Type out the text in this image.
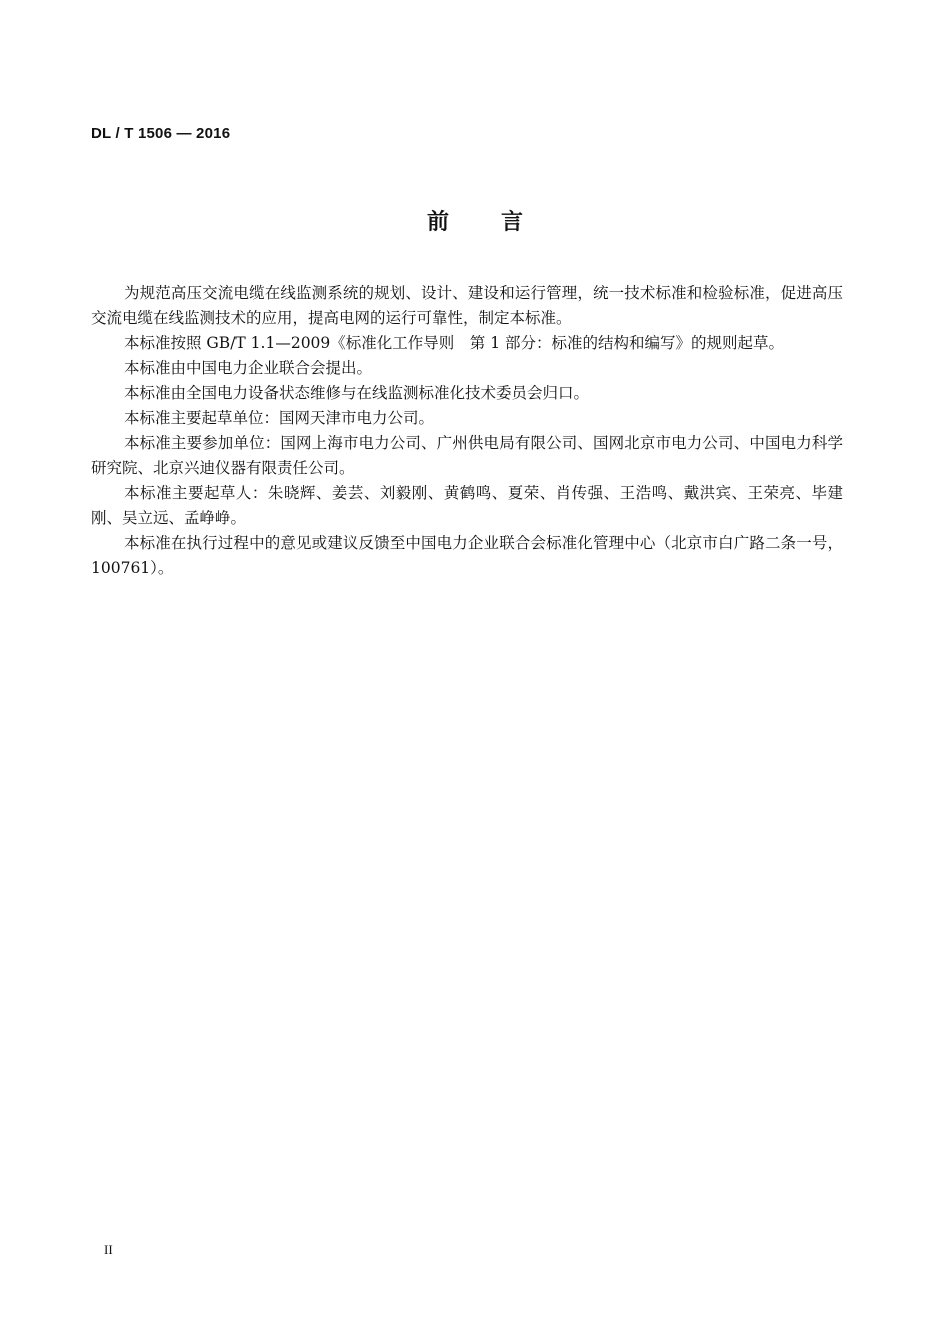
DL / T 1506 — 2016
前 言

为规范高压交流电缆在线监测系统的规划、设计、建设和运行管理，统一技术标准和检验标准，促进高压交流电缆在线监测技术的应用，提高电网的运行可靠性，制定本标准。

本标准按照 GB/T 1.1—2009《标准化工作导则　第 1 部分：标准的结构和编写》的规则起草。

本标准由中国电力企业联合会提出。

本标准由全国电力设备状态维修与在线监测标准化技术委员会归口。

本标准主要起草单位：国网天津市电力公司。

本标准主要参加单位：国网上海市电力公司、广州供电局有限公司、国网北京市电力公司、中国电力科学研究院、北京兴迪仪器有限责任公司。

本标准主要起草人：朱晓辉、姜芸、刘毅刚、黄鹤鸣、夏荣、肖传强、王浩鸣、戴洪宾、王荣亮、毕建刚、吴立远、孟峥峥。

本标准在执行过程中的意见或建议反馈至中国电力企业联合会标准化管理中心（北京市白广路二条一号，100761）。

II
